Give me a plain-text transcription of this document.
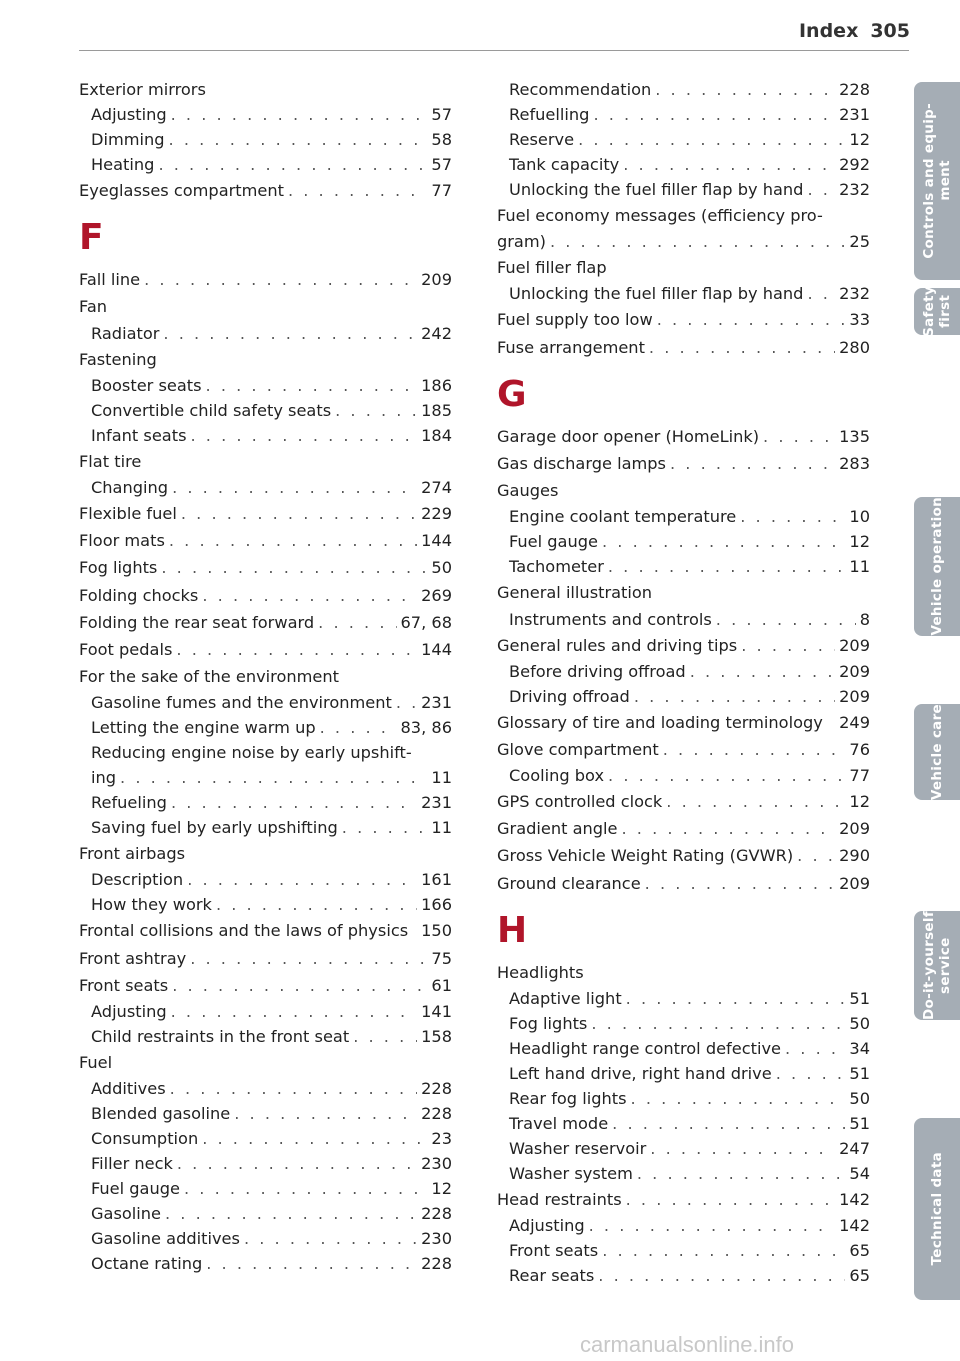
Index 305
Exterior mirrors
Adjusting . . .	57
Dimming . . .	58
Heating . . .	57
Eyeglasses compartment . . .	77
F
Fall line . . .	209
Fan
Radiator . . .	242
Fastening
Booster seats . . .	186
Convertible child safety seats . . .	185
Infant seats . . .	184
Flat tire
Changing . . .	274
Flexible fuel . . .	229
Floor mats . . .	144
Fog lights . . .	50
Folding chocks . . .	269
Folding the rear seat forward . . .	67, 68
Foot pedals . . .	144
For the sake of the environment
Gasoline fumes and the environment . . . 231
Letting the engine warm up . . .	83, 86
Reducing engine noise by early upshift-
ing . . .	11
Refueling . . .	231
Saving fuel by early upshifting . . .	11
Front airbags
Description . . .	161
How they work . . .	166
Frontal collisions and the laws of physics 150
Front ashtray . . .	75
Front seats . . .	61
Adjusting . . .	141
Child restraints in the front seat . . .	158
Fuel
Additives . . .	228
Blended gasoline . . .	228
Consumption . . .	23
Filler neck . . .	230
Fuel gauge . . .	12
Gasoline . . .	228
Gasoline additives . . .	230
Octane rating . . .	228
Recommendation . . .	228
Refuelling . . .	231
Reserve . . .	12
Tank capacity . . .	292
Unlocking the fuel filler flap by hand . . . 232
Fuel economy messages (efficiency pro-
gram) . . .	25
Fuel filler flap
Unlocking the fuel filler flap by hand . . . 232
Fuel supply too low . . .	33
Fuse arrangement . . .	280
G
Garage door opener (HomeLink) . . .	135
Gas discharge lamps . . .	283
Gauges
Engine coolant temperature . . .	10
Fuel gauge . . .	12
Tachometer . . .	11
General illustration
Instruments and controls . . .	8
General rules and driving tips . . .	209
Before driving offroad . . .	209
Driving offroad . . .	209
Glossary of tire and loading terminology	249
Glove compartment . . .	76
Cooling box . . .	77
GPS controlled clock . . .	12
Gradient angle . . .	209
Gross Vehicle Weight Rating (GVWR) . . .	290
Ground clearance . . .	209
H
Headlights
Adaptive light . . .	51
Fog lights . . .	50
Headlight range control defective . . .	34
Left hand drive, right hand drive . . .	51
Rear fog lights . . .	50
Travel mode . . .	51
Washer reservoir . . .	247
Washer system . . .	54
Head restraints . . .	142
Adjusting . . .	142
Front seats . . .	65
Rear seats . . .	65
Controls and equip-
ment
Safety first
Vehicle operation
Vehicle care
Do-it-yourself
service
Technical data
carmanualsonline.info
